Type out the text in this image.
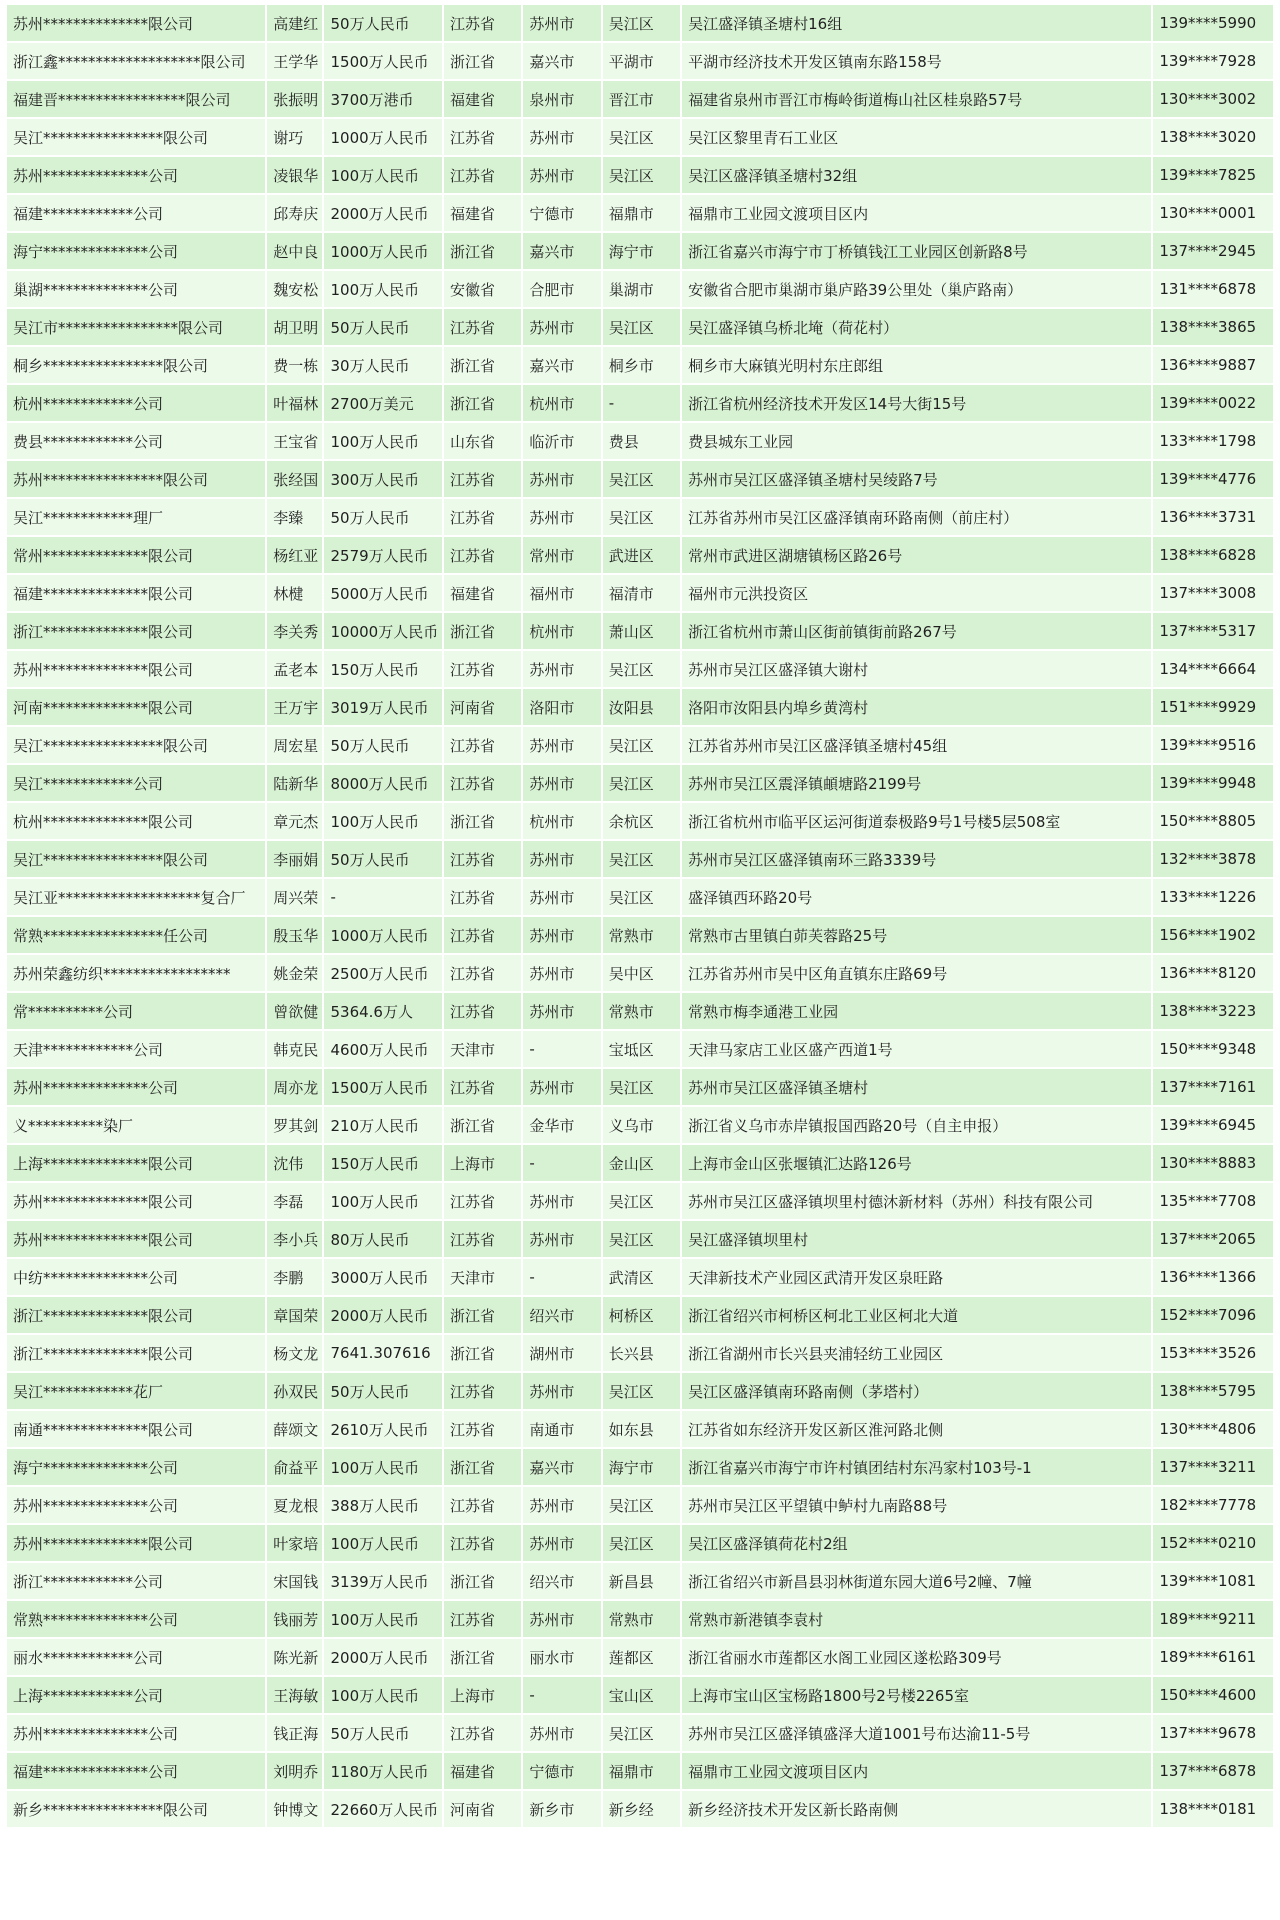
苏州**************限公司	高建红	50万人民币	江苏省	苏州市	吴江区	吴江盛泽镇圣塘村16组	139****5990
浙江鑫*******************限公司	王学华	1500万人民币	浙江省	嘉兴市	平湖市	平湖市经济技术开发区镇南东路158号	139****7928
福建晋*****************限公司	张振明	3700万港币	福建省	泉州市	晋江市	福建省泉州市晋江市梅岭街道梅山社区桂泉路57号	130****3002
吴江****************限公司	谢巧	1000万人民币	江苏省	苏州市	吴江区	吴江区黎里青石工业区	138****3020
苏州**************公司	凌银华	100万人民币	江苏省	苏州市	吴江区	吴江区盛泽镇圣塘村32组	139****7825
福建************公司	邱寿庆	2000万人民币	福建省	宁德市	福鼎市	福鼎市工业园文渡项目区内	130****0001
海宁**************公司	赵中良	1000万人民币	浙江省	嘉兴市	海宁市	浙江省嘉兴市海宁市丁桥镇钱江工业园区创新路8号	137****2945
巢湖**************公司	魏安松	100万人民币	安徽省	合肥市	巢湖市	安徽省合肥市巢湖市巢庐路39公里处（巢庐路南）	131****6878
吴江市****************限公司	胡卫明	50万人民币	江苏省	苏州市	吴江区	吴江盛泽镇乌桥北埯（荷花村）	138****3865
桐乡****************限公司	费一栋	30万人民币	浙江省	嘉兴市	桐乡市	桐乡市大麻镇光明村东庄郎组	136****9887
杭州************公司	叶福林	2700万美元	浙江省	杭州市	-	浙江省杭州经济技术开发区14号大街15号	139****0022
费县************公司	王宝省	100万人民币	山东省	临沂市	费县	费县城东工业园	133****1798
苏州****************限公司	张经国	300万人民币	江苏省	苏州市	吴江区	苏州市吴江区盛泽镇圣塘村吴绫路7号	139****4776
吴江************理厂	李臻	50万人民币	江苏省	苏州市	吴江区	江苏省苏州市吴江区盛泽镇南环路南侧（前庄村）	136****3731
常州**************限公司	杨红亚	2579万人民币	江苏省	常州市	武进区	常州市武进区湖塘镇杨区路26号	138****6828
福建**************限公司	林楗	5000万人民币	福建省	福州市	福清市	福州市元洪投资区	137****3008
浙江**************限公司	李关秀	10000万人民币	浙江省	杭州市	萧山区	浙江省杭州市萧山区街前镇街前路267号	137****5317
苏州**************限公司	孟老本	150万人民币	江苏省	苏州市	吴江区	苏州市吴江区盛泽镇大谢村	134****6664
河南**************限公司	王万宇	3019万人民币	河南省	洛阳市	汝阳县	洛阳市汝阳县内埠乡黄湾村	151****9929
吴江****************限公司	周宏星	50万人民币	江苏省	苏州市	吴江区	江苏省苏州市吴江区盛泽镇圣塘村45组	139****9516
吴江************公司	陆新华	8000万人民币	江苏省	苏州市	吴江区	苏州市吴江区震泽镇頔塘路2199号	139****9948
杭州**************限公司	章元杰	100万人民币	浙江省	杭州市	余杭区	浙江省杭州市临平区运河街道泰极路9号1号楼5层508室	150****8805
吴江****************限公司	李丽娟	50万人民币	江苏省	苏州市	吴江区	苏州市吴江区盛泽镇南环三路3339号	132****3878
吴江亚*******************复合厂	周兴荣	-	江苏省	苏州市	吴江区	盛泽镇西环路20号	133****1226
常熟****************任公司	殷玉华	1000万人民币	江苏省	苏州市	常熟市	常熟市古里镇白茆芙蓉路25号	156****1902
苏州荣鑫纺织*****************	姚金荣	2500万人民币	江苏省	苏州市	吴中区	江苏省苏州市吴中区角直镇东庄路69号	136****8120
常**********公司	曾欲健	5364.6万人	江苏省	苏州市	常熟市	常熟市梅李通港工业园	138****3223
天津************公司	韩克民	4600万人民币	天津市	-	宝坻区	天津马家店工业区盛产西道1号	150****9348
苏州**************公司	周亦龙	1500万人民币	江苏省	苏州市	吴江区	苏州市吴江区盛泽镇圣塘村	137****7161
义**********染厂	罗其剑	210万人民币	浙江省	金华市	义乌市	浙江省义乌市赤岸镇报国西路20号（自主申报）	139****6945
上海**************限公司	沈伟	150万人民币	上海市	-	金山区	上海市金山区张堰镇汇达路126号	130****8883
苏州**************限公司	李磊	100万人民币	江苏省	苏州市	吴江区	苏州市吴江区盛泽镇坝里村德沐新材料（苏州）科技有限公司	135****7708
苏州**************限公司	李小兵	80万人民币	江苏省	苏州市	吴江区	吴江盛泽镇坝里村	137****2065
中纺**************公司	李鹏	3000万人民币	天津市	-	武清区	天津新技术产业园区武清开发区泉旺路	136****1366
浙江**************限公司	章国荣	2000万人民币	浙江省	绍兴市	柯桥区	浙江省绍兴市柯桥区柯北工业区柯北大道	152****7096
浙江**************限公司	杨文龙	7641.307616	浙江省	湖州市	长兴县	浙江省湖州市长兴县夹浦轻纺工业园区	153****3526
吴江************花厂	孙双民	50万人民币	江苏省	苏州市	吴江区	吴江区盛泽镇南环路南侧（茅塔村）	138****5795
南通**************限公司	薛颂文	2610万人民币	江苏省	南通市	如东县	江苏省如东经济开发区新区淮河路北侧	130****4806
海宁**************公司	俞益平	100万人民币	浙江省	嘉兴市	海宁市	浙江省嘉兴市海宁市许村镇团结村东冯家村103号-1	137****3211
苏州**************公司	夏龙根	388万人民币	江苏省	苏州市	吴江区	苏州市吴江区平望镇中鲈村九南路88号	182****7778
苏州**************限公司	叶家培	100万人民币	江苏省	苏州市	吴江区	吴江区盛泽镇荷花村2组	152****0210
浙江************公司	宋国钱	3139万人民币	浙江省	绍兴市	新昌县	浙江省绍兴市新昌县羽林街道东园大道6号2幢、7幢	139****1081
常熟**************公司	钱丽芳	100万人民币	江苏省	苏州市	常熟市	常熟市新港镇李袁村	189****9211
丽水************公司	陈光新	2000万人民币	浙江省	丽水市	莲都区	浙江省丽水市莲都区水阁工业园区遂松路309号	189****6161
上海************公司	王海敏	100万人民币	上海市	-	宝山区	上海市宝山区宝杨路1800号2号楼2265室	150****4600
苏州**************公司	钱正海	50万人民币	江苏省	苏州市	吴江区	苏州市吴江区盛泽镇盛泽大道1001号布达渝11-5号	137****9678
福建**************公司	刘明乔	1180万人民币	福建省	宁德市	福鼎市	福鼎市工业园文渡项目区内	137****6878
新乡****************限公司	钟博文	22660万人民币	河南省	新乡市	新乡经	新乡经济技术开发区新长路南侧	138****0181
